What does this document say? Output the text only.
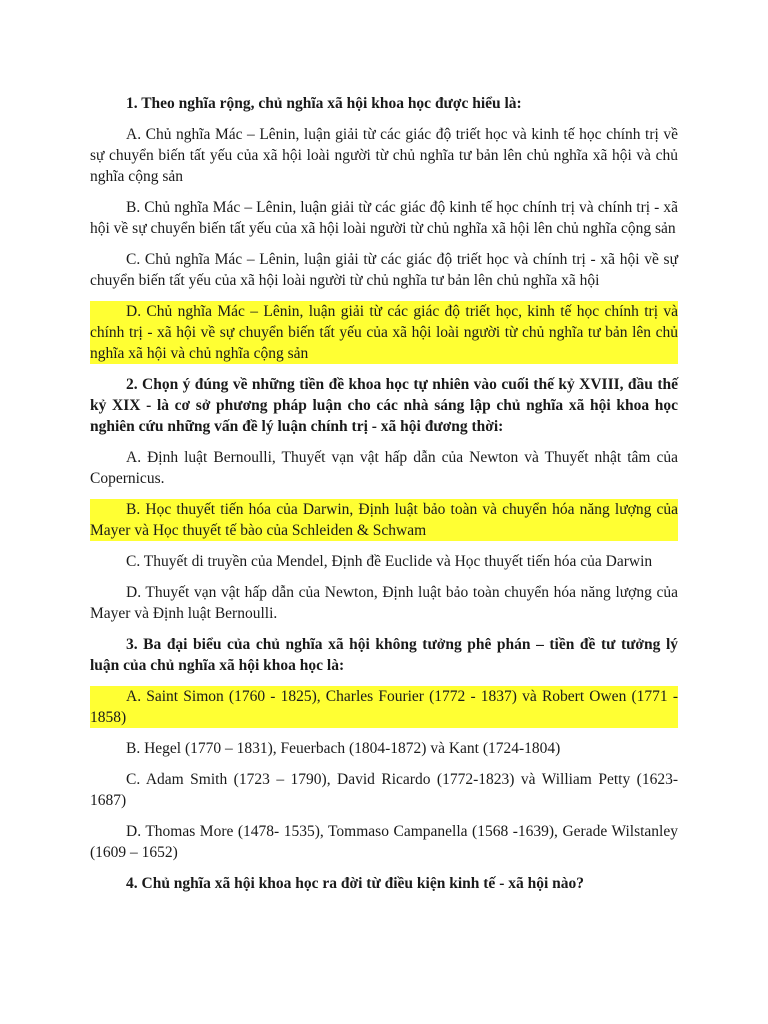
1. Theo nghĩa rộng, chủ nghĩa xã hội khoa học được hiểu là:

A. Chủ nghĩa Mác – Lênin, luận giải từ các giác độ triết học và kinh tế học chính trị về sự chuyển biến tất yếu của xã hội loài người từ chủ nghĩa tư bản lên chủ nghĩa xã hội và chủ nghĩa cộng sản

B. Chủ nghĩa Mác – Lênin, luận giải từ các giác độ kinh tế học chính trị và chính trị - xã hội về sự chuyển biến tất yếu của xã hội loài người từ chủ nghĩa xã hội lên chủ nghĩa cộng sản

C. Chủ nghĩa Mác – Lênin, luận giải từ các giác độ triết học và chính trị - xã hội về sự chuyển biến tất yếu của xã hội loài người từ chủ nghĩa tư bản lên chủ nghĩa xã hội

D. Chủ nghĩa Mác – Lênin, luận giải từ các giác độ triết học, kinh tế học chính trị và chính trị - xã hội về sự chuyển biến tất yếu của xã hội loài người từ chủ nghĩa tư bản lên chủ nghĩa xã hội và chủ nghĩa cộng sản

2. Chọn ý đúng về những tiền đề khoa học tự nhiên vào cuối thế kỷ XVIII, đầu thế kỷ XIX - là cơ sở phương pháp luận cho các nhà sáng lập chủ nghĩa xã hội khoa học nghiên cứu những vấn đề lý luận chính trị - xã hội đương thời:

A. Định luật Bernoulli, Thuyết vạn vật hấp dẫn của Newton và Thuyết nhật tâm của Copernicus.

B. Học thuyết tiến hóa của Darwin, Định luật bảo toàn và chuyển hóa năng lượng của Mayer và Học thuyết tế bào của Schleiden & Schwam

C. Thuyết di truyền của Mendel, Định đề Euclide và Học thuyết tiến hóa của Darwin

D. Thuyết vạn vật hấp dẫn của Newton, Định luật bảo toàn chuyển hóa năng lượng của Mayer và Định luật Bernoulli.

3. Ba đại biểu của chủ nghĩa xã hội không tưởng phê phán – tiền đề tư tưởng lý luận của chủ nghĩa xã hội khoa học là:

A. Saint Simon (1760 - 1825), Charles Fourier (1772 - 1837) và Robert Owen (1771 - 1858)

B. Hegel (1770 – 1831), Feuerbach (1804-1872) và Kant (1724-1804)

C. Adam Smith (1723 – 1790), David Ricardo (1772-1823) và William Petty (1623-1687)

D. Thomas More (1478- 1535), Tommaso Campanella (1568 -1639), Gerade Wilstanley (1609 – 1652)

4. Chủ nghĩa xã hội khoa học ra đời từ điều kiện kinh tế - xã hội nào?
